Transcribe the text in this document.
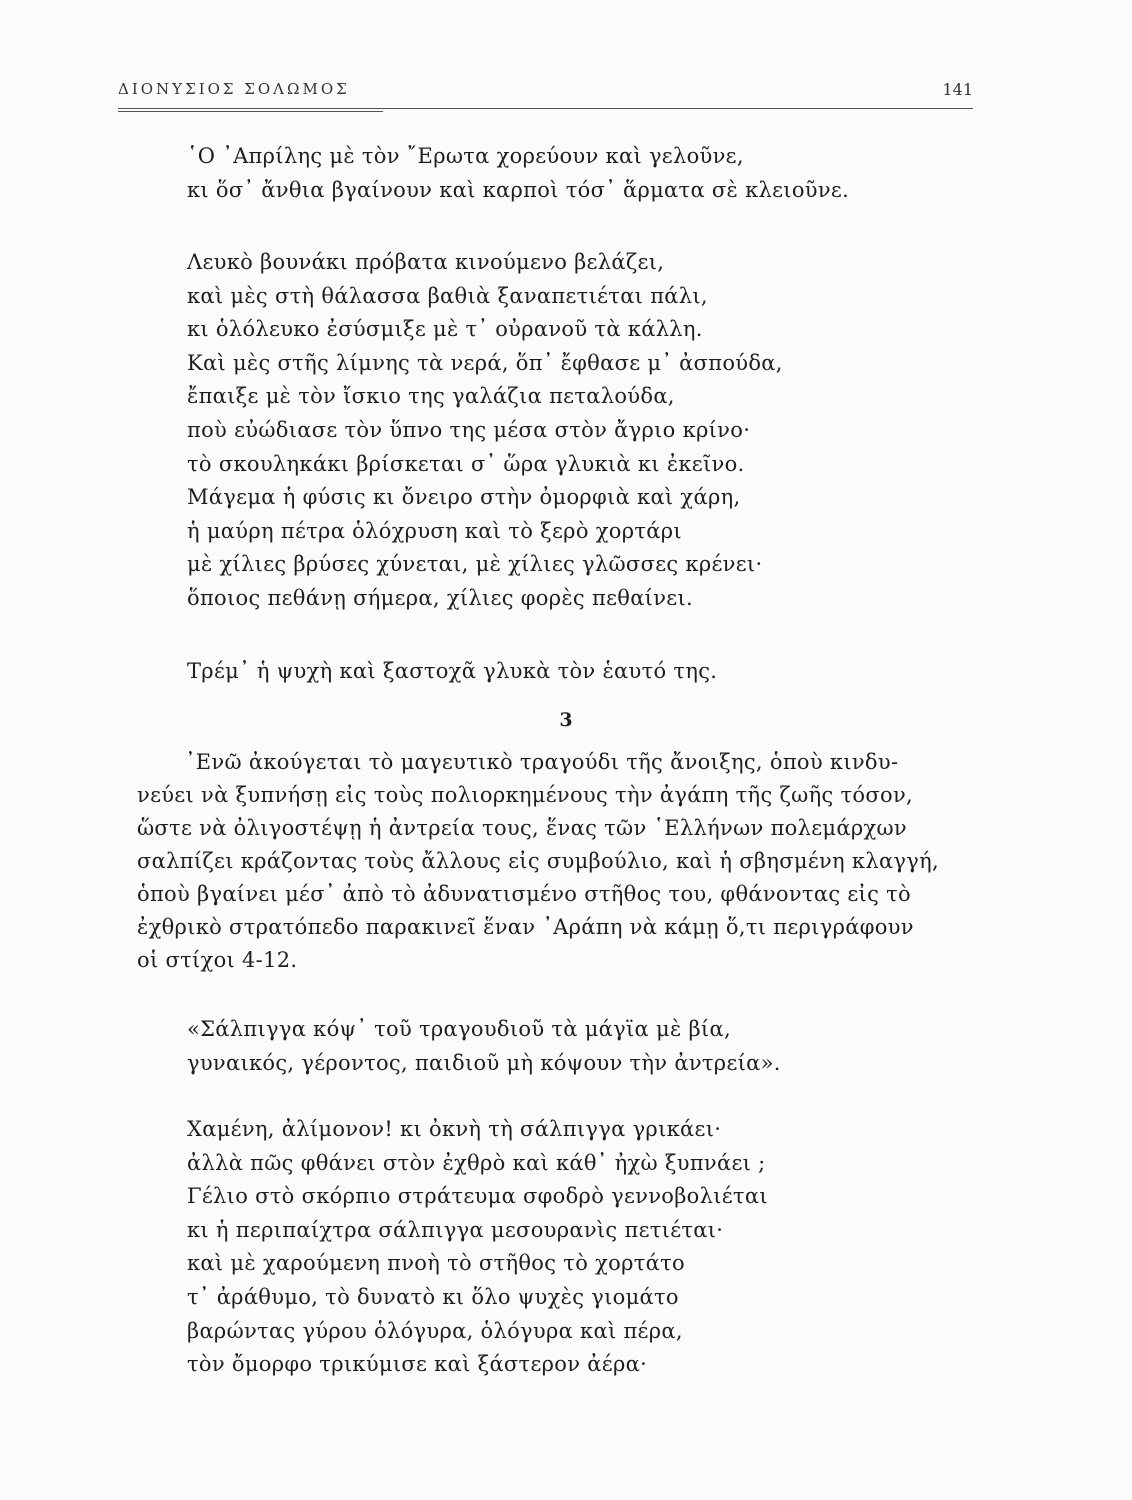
ΔΙΟΝΥΣΙΟΣ ΣΟΛΩΜΟΣ	141
῾Ο ᾿Απρίλης μὲ τὸν ῎Ερωτα χορεύουν καὶ γελοῦνε,
κι ὅσ᾿ ἄνθια βγαίνουν καὶ καρποὶ τόσ᾿ ἅρματα σὲ κλειοῦνε.
Λευκὸ βουνάκι πρόβατα κινούμενο βελάζει,
καὶ μὲς στὴ θάλασσα βαθιὰ ξαναπετιέται πάλι,
κι ὁλόλευκο ἐσύσμιξε μὲ τ᾿ οὐρανοῦ τὰ κάλλη.
Καὶ μὲς στῆς λίμνης τὰ νερά, ὅπ᾿ ἔφθασε μ᾿ ἀσπούδα,
ἔπαιξε μὲ τὸν ἴσκιο της γαλάζια πεταλούδα,
ποὺ εὐώδιασε τὸν ὕπνο της μέσα στὸν ἄγριο κρίνο·
τὸ σκουληκάκι βρίσκεται σ᾿ ὥρα γλυκιὰ κι ἐκεῖνο.
Μάγεμα ἡ φύσις κι ὄνειρο στὴν ὀμορφιὰ καὶ χάρη,
ἡ μαύρη πέτρα ὁλόχρυση καὶ τὸ ξερὸ χορτάρι
μὲ χίλιες βρύσες χύνεται, μὲ χίλιες γλῶσσες κρένει·
ὅποιος πεθάνῃ σήμερα, χίλιες φορὲς πεθαίνει.
Τρέμ᾿ ἡ ψυχὴ καὶ ξαστοχᾶ γλυκὰ τὸν ἑαυτό της.
3
᾿Ενῶ ἀκούγεται τὸ μαγευτικὸ τραγούδι τῆς ἄνοιξης, ὁποὺ κινδυ-
νεύει νὰ ξυπνήσῃ εἰς τοὺς πολιορκημένους τὴν ἀγάπη τῆς ζωῆς τόσον,
ὥστε νὰ ὀλιγοστέψῃ ἡ ἀντρεία τους, ἕνας τῶν ῾Ελλήνων πολεμάρχων
σαλπίζει κράζοντας τοὺς ἄλλους εἰς συμβούλιο, καὶ ἡ σβησμένη κλαγγή,
ὁποὺ βγαίνει μέσ᾿ ἀπὸ τὸ ἀδυνατισμένο στῆθος του, φθάνοντας εἰς τὸ
ἐχθρικὸ στρατόπεδο παρακινεῖ ἕναν ᾿Αράπη νὰ κάμῃ ὅ,τι περιγράφουν
οἱ στίχοι 4-12.
«Σάλπιγγα κόψ᾿ τοῦ τραγουδιοῦ τὰ μάγϊα μὲ βία,
γυναικός, γέροντος, παιδιοῦ μὴ κόψουν τὴν ἀντρεία».
Χαμένη, ἀλίμονον! κι ὀκνὴ τὴ σάλπιγγα γρικάει·
ἀλλὰ πῶς φθάνει στὸν ἐχθρὸ καὶ κάθ᾿ ἠχὼ ξυπνάει ;
Γέλιο στὸ σκόρπιο στράτευμα σφοδρὸ γεννοβολιέται
κι ἡ περιπαίχτρα σάλπιγγα μεσουρανὶς πετιέται·
καὶ μὲ χαρούμενη πνοὴ τὸ στῆθος τὸ χορτάτο
τ᾿ ἀράθυμο, τὸ δυνατὸ κι ὅλο ψυχὲς γιομάτο
βαρώντας γύρου ὁλόγυρα, ὁλόγυρα καὶ πέρα,
τὸν ὄμορφο τρικύμισε καὶ ξάστερον ἀέρα·
